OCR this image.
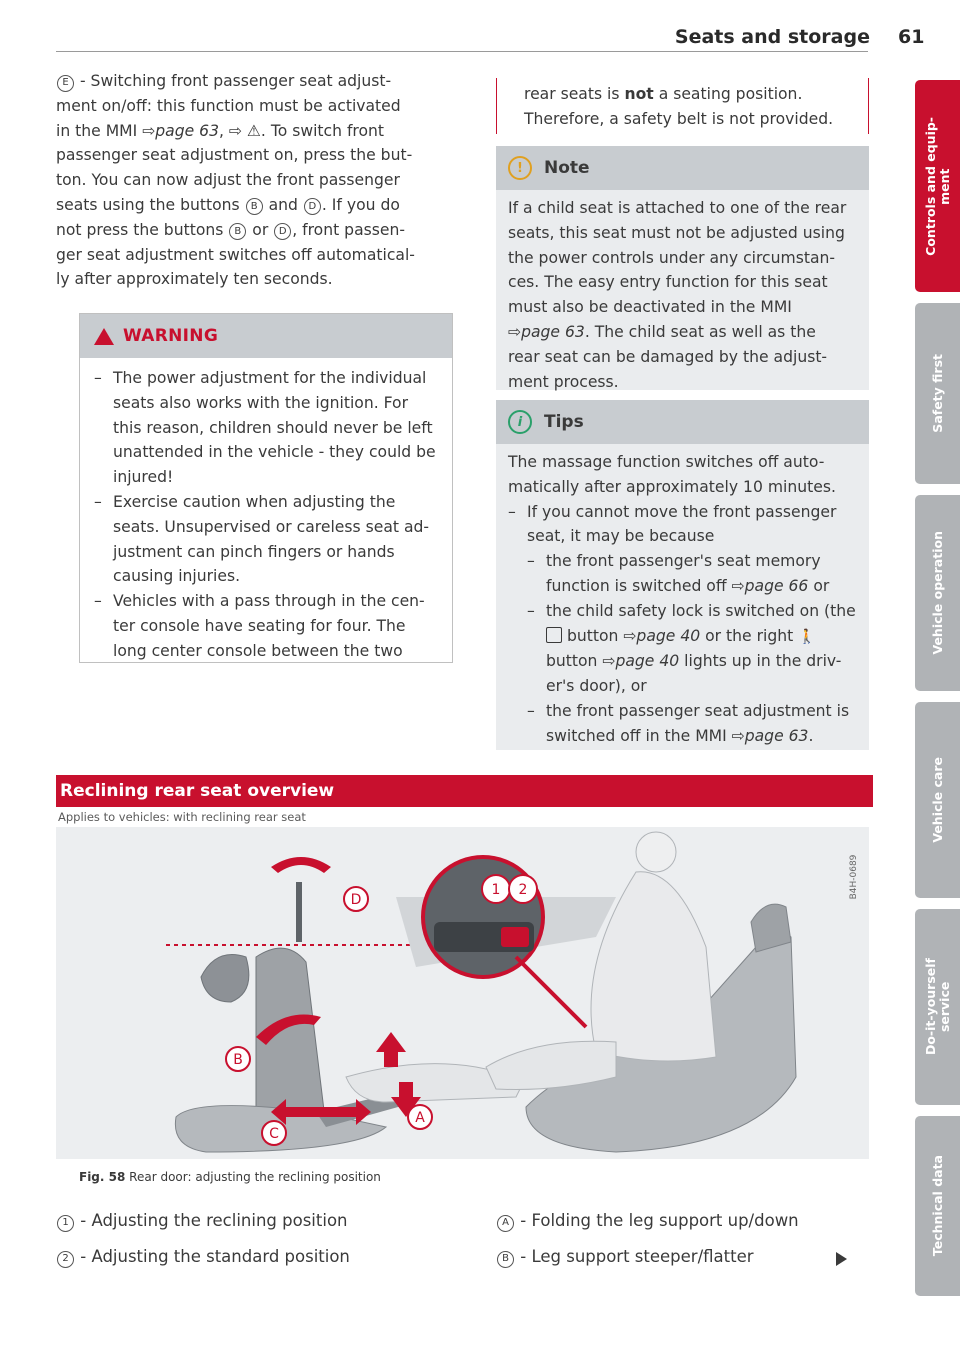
Seats and storage 61
E - Switching front passenger seat adjust-
ment on/off: this function must be activated
in the MMI ⇨page 63, ⇨ ⚠. To switch front
passenger seat adjustment on, press the but-
ton. You can now adjust the front passenger
seats using the buttons B and D . If you do
not press the buttons B or D , front passen-
ger seat adjustment switches off automatical-
ly after approximately ten seconds.
WARNING
– The power adjustment for the individual
seats also works with the ignition. For
this reason, children should never be left
unattended in the vehicle - they could be
injured!
– Exercise caution when adjusting the
seats. Unsupervised or careless seat ad-
justment can pinch fingers or hands
causing injuries.
– Vehicles with a pass through in the cen-
ter console have seating for four. The
long center console between the two
rear seats is not a seating position.
Therefore, a safety belt is not provided.
!	Note
If a child seat is attached to one of the rear
seats, this seat must not be adjusted using
the power controls under any circumstan-
ces. The easy entry function for this seat
must also be deactivated in the MMI
⇨page 63. The child seat as well as the
rear seat can be damaged by the adjust-
ment process.
i	Tips
The massage function switches off auto-
matically after approximately 10 minutes.
– If you cannot move the front passenger
seat, it may be because
– the front passenger's seat memory
function is switched off ⇨page 66 or
– the child safety lock is switched on (the
button ⇨page 40 or the right 🚶
button ⇨page 40 lights up in the driv-
er's door), or
– the front passenger seat adjustment is
switched off in the MMI ⇨page 63.
Reclining rear seat overview
Applies to vehicles: with reclining rear seat
D
B
C
A
1 2	B4H-0689
Fig. 58 Rear door: adjusting the reclining position
1 - Adjusting the reclining position
2 - Adjusting the standard position
A - Folding the leg support up/down
B - Leg support steeper/flatter
Controls and equip-
ment
Safety first
Vehicle operation
Vehicle care
Do-it-yourself
service
Technical data
